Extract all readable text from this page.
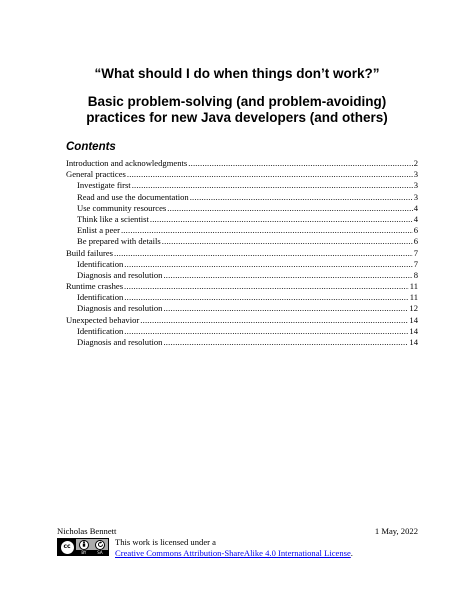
“What should I do when things don’t work?”
Basic problem-solving (and problem-avoiding)
practices for new Java developers (and others)
Contents
Introduction and acknowledgments .....	2
General practices .....	3
Investigate first .....	3
Read and use the documentation .....	3
Use community resources .....	4
Think like a scientist .....	4
Enlist a peer .....	6
Be prepared with details .....	6
Build failures .....	7
Identification .....	7
Diagnosis and resolution .....	8
Runtime crashes .....	11
Identification .....	11
Diagnosis and resolution .....	12
Unexpected behavior .....	14
Identification .....	14
Diagnosis and resolution .....	14
Nicholas Bennett	1 May, 2022
cc
BY	SA
This work is licensed under a
Creative Commons Attribution-ShareAlike 4.0 International License.
